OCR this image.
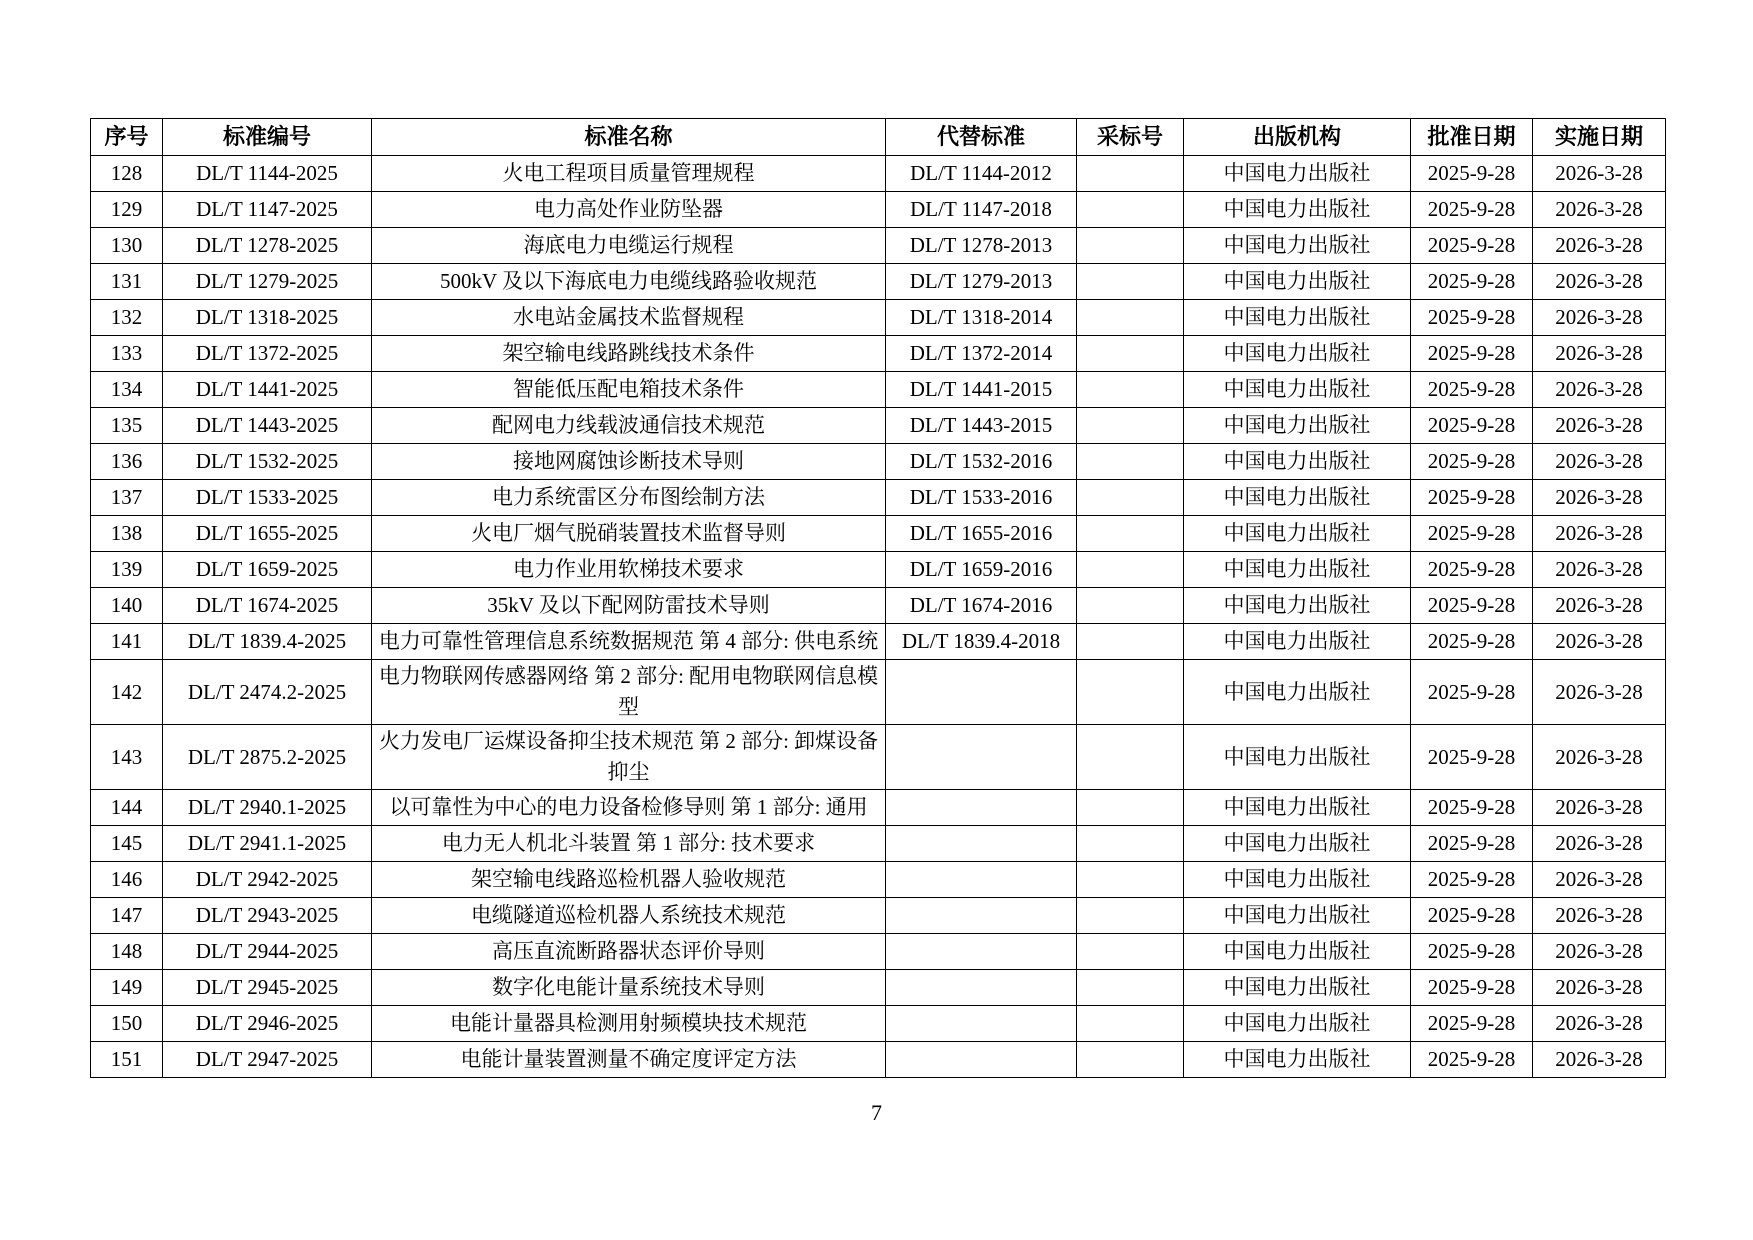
序号	标准编号	标准名称	代替标准	采标号	出版机构	批准日期	实施日期
128	DL/T 1144-2025	火电工程项目质量管理规程	DL/T 1144-2012		中国电力出版社	2025-9-28	2026-3-28
129	DL/T 1147-2025	电力高处作业防坠器	DL/T 1147-2018		中国电力出版社	2025-9-28	2026-3-28
130	DL/T 1278-2025	海底电力电缆运行规程	DL/T 1278-2013		中国电力出版社	2025-9-28	2026-3-28
131	DL/T 1279-2025	500kV 及以下海底电力电缆线路验收规范	DL/T 1279-2013		中国电力出版社	2025-9-28	2026-3-28
132	DL/T 1318-2025	水电站金属技术监督规程	DL/T 1318-2014		中国电力出版社	2025-9-28	2026-3-28
133	DL/T 1372-2025	架空输电线路跳线技术条件	DL/T 1372-2014		中国电力出版社	2025-9-28	2026-3-28
134	DL/T 1441-2025	智能低压配电箱技术条件	DL/T 1441-2015		中国电力出版社	2025-9-28	2026-3-28
135	DL/T 1443-2025	配网电力线载波通信技术规范	DL/T 1443-2015		中国电力出版社	2025-9-28	2026-3-28
136	DL/T 1532-2025	接地网腐蚀诊断技术导则	DL/T 1532-2016		中国电力出版社	2025-9-28	2026-3-28
137	DL/T 1533-2025	电力系统雷区分布图绘制方法	DL/T 1533-2016		中国电力出版社	2025-9-28	2026-3-28
138	DL/T 1655-2025	火电厂烟气脱硝装置技术监督导则	DL/T 1655-2016		中国电力出版社	2025-9-28	2026-3-28
139	DL/T 1659-2025	电力作业用软梯技术要求	DL/T 1659-2016		中国电力出版社	2025-9-28	2026-3-28
140	DL/T 1674-2025	35kV 及以下配网防雷技术导则	DL/T 1674-2016		中国电力出版社	2025-9-28	2026-3-28
141	DL/T 1839.4-2025	电力可靠性管理信息系统数据规范 第 4 部分: 供电系统	DL/T 1839.4-2018		中国电力出版社	2025-9-28	2026-3-28
142	DL/T 2474.2-2025	电力物联网传感器网络 第 2 部分: 配用电物联网信息模型			中国电力出版社	2025-9-28	2026-3-28
143	DL/T 2875.2-2025	火力发电厂运煤设备抑尘技术规范 第 2 部分: 卸煤设备抑尘			中国电力出版社	2025-9-28	2026-3-28
144	DL/T 2940.1-2025	以可靠性为中心的电力设备检修导则 第 1 部分: 通用			中国电力出版社	2025-9-28	2026-3-28
145	DL/T 2941.1-2025	电力无人机北斗装置 第 1 部分: 技术要求			中国电力出版社	2025-9-28	2026-3-28
146	DL/T 2942-2025	架空输电线路巡检机器人验收规范			中国电力出版社	2025-9-28	2026-3-28
147	DL/T 2943-2025	电缆隧道巡检机器人系统技术规范			中国电力出版社	2025-9-28	2026-3-28
148	DL/T 2944-2025	高压直流断路器状态评价导则			中国电力出版社	2025-9-28	2026-3-28
149	DL/T 2945-2025	数字化电能计量系统技术导则			中国电力出版社	2025-9-28	2026-3-28
150	DL/T 2946-2025	电能计量器具检测用射频模块技术规范			中国电力出版社	2025-9-28	2026-3-28
151	DL/T 2947-2025	电能计量装置测量不确定度评定方法			中国电力出版社	2025-9-28	2026-3-28
7
